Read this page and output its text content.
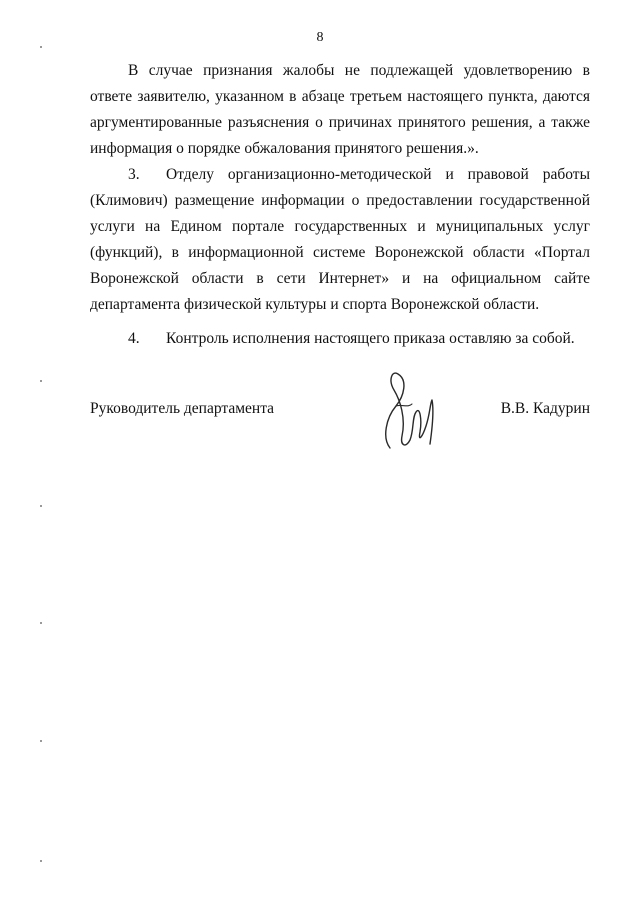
8

В случае признания жалобы не подлежащей удовлетворению в ответе заявителю, указанном в абзаце третьем настоящего пункта, даются аргументированные разъяснения о причинах принятого решения, а также информация о порядке обжалования принятого решения.».

3. Отделу организационно-методической и правовой работы (Климович) размещение информации о предоставлении государственной услуги на Едином портале государственных и муниципальных услуг (функций), в информационной системе Воронежской области «Портал Воронежской области в сети Интернет» и на официальном сайте департамента физической культуры и спорта Воронежской области.

4. Контроль исполнения настоящего приказа оставляю за собой.

Руководитель департамента	В.В. Кадурин
